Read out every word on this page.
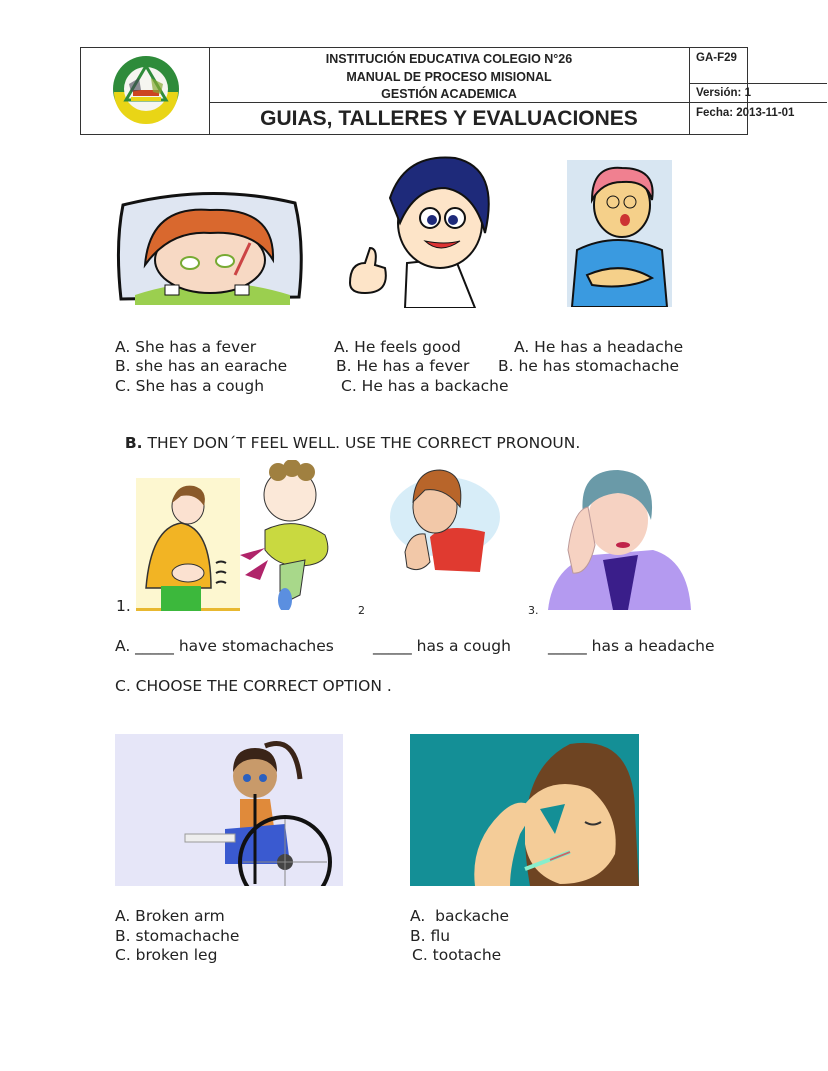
INSTITUCIÓN EDUCATIVA COLEGIO N°26
MANUAL DE PROCESO MISIONAL
GESTIÓN ACADEMICA
GUIAS, TALLERES Y EVALUACIONES
GA-F29
Versión: 1
Fecha: 2013-11-01
A. She has a fever
B. she has an earache
C. She has a cough
A. He feels good
B. He has a fever
C. He has a backache
A. He has a headache
B. he has stomachache

B. THEY DON´T FEEL WELL. USE THE CORRECT PRONOUN.

1.	2	3.
A. _____ have stomachaches	_____ has a cough _____ has a headache
C. CHOOSE THE CORRECT OPTION .
A. Broken arm
B. stomachache
C. broken leg
A.  backache
B. flu
C. tootache
